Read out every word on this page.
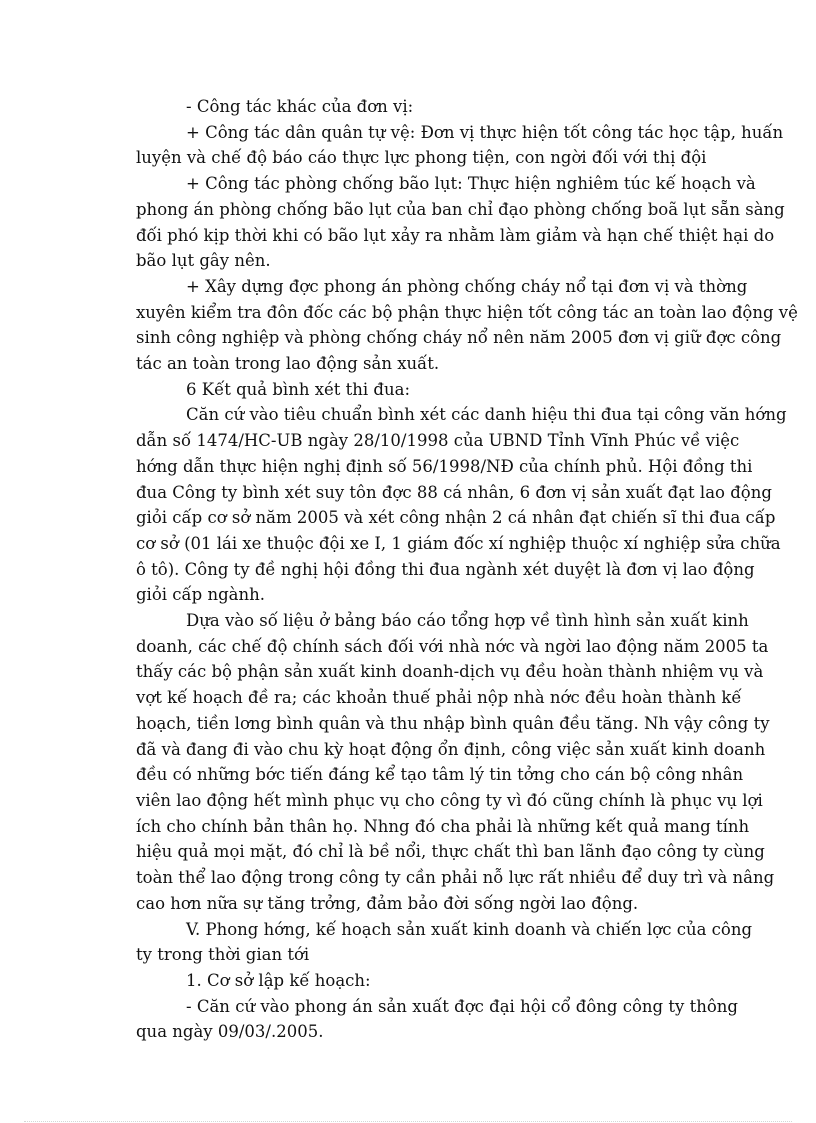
- Công tác khác của đơn vị:

+ Công tác dân quân tự vệ: Đơn vị thực hiện tốt công tác học tập, huấn
luyện và chế độ báo cáo thực lực phong tiện, con ngời đối với thị đội

+ Công tác phòng chống bão lụt: Thực hiện nghiêm túc kế hoạch và
phong án phòng chống bão lụt của ban chỉ đạo phòng chống boã lụt sẵn sàng
đối phó kịp thời khi có bão lụt xảy ra nhằm làm giảm và hạn chế thiệt hại do
bão lụt gây nên.

+ Xây dựng đợc phong án phòng chống cháy nổ tại đơn vị và thờng
xuyên kiểm tra đôn đốc các bộ phận thực hiện tốt công tác an toàn lao động vệ
sinh công nghiệp và phòng chống cháy nổ nên năm 2005 đơn vị giữ đợc công
tác an toàn trong lao động sản xuất.

6 Kết quả bình xét thi đua:

Căn cứ vào tiêu chuẩn bình xét các danh hiệu thi đua tại công văn hớng
dẫn số 1474/HC-UB ngày 28/10/1998 của UBND Tỉnh Vĩnh Phúc về việc
hớng dẫn thực hiện nghị định số 56/1998/NĐ của chính phủ. Hội đồng thi
đua Công ty bình xét suy tôn đợc 88 cá nhân, 6 đơn vị sản xuất đạt lao động
giỏi cấp cơ sở năm 2005 và xét công nhận 2 cá nhân đạt chiến sĩ thi đua cấp
cơ sở (01 lái xe thuộc đội xe I, 1 giám đốc xí nghiệp thuộc xí nghiệp sửa chữa
ô tô). Công ty đề nghị hội đồng thi đua ngành xét duyệt là đơn vị lao động
giỏi cấp ngành.

Dựa vào số liệu ở bảng báo cáo tổng hợp về tình hình sản xuất kinh
doanh, các chế độ chính sách đối với nhà nớc và ngời lao động năm 2005 ta
thấy các bộ phận sản xuất kinh doanh-dịch vụ đều hoàn thành nhiệm vụ và
vợt kế hoạch đề ra; các khoản thuế phải nộp nhà nớc đều hoàn thành kế
hoạch, tiền lơng bình quân và thu nhập bình quân đều tăng. Nh vậy công ty
đã và đang đi vào chu kỳ hoạt động ổn định, công việc sản xuất kinh doanh
đều có những bớc tiến đáng kể tạo tâm lý tin tởng cho cán bộ công nhân
viên lao động hết mình phục vụ cho công ty vì đó cũng chính là phục vụ lợi
ích cho chính bản thân họ. Nhng đó cha phải là những kết quả mang tính
hiệu quả mọi mặt, đó chỉ là bề nổi, thực chất thì ban lãnh đạo công ty cùng
toàn thể lao động trong công ty cần phải nỗ lực rất nhiều để duy trì và nâng
cao hơn nữa sự tăng trởng, đảm bảo đời sống ngời lao động.

V. Phong hớng, kế hoạch sản xuất kinh doanh và chiến lợc của công
ty trong thời gian tới

1. Cơ sở lập kế hoạch:

- Căn cứ vào phong án sản xuất đợc đại hội cổ đông công ty thông
qua ngày 09/03/.2005.
